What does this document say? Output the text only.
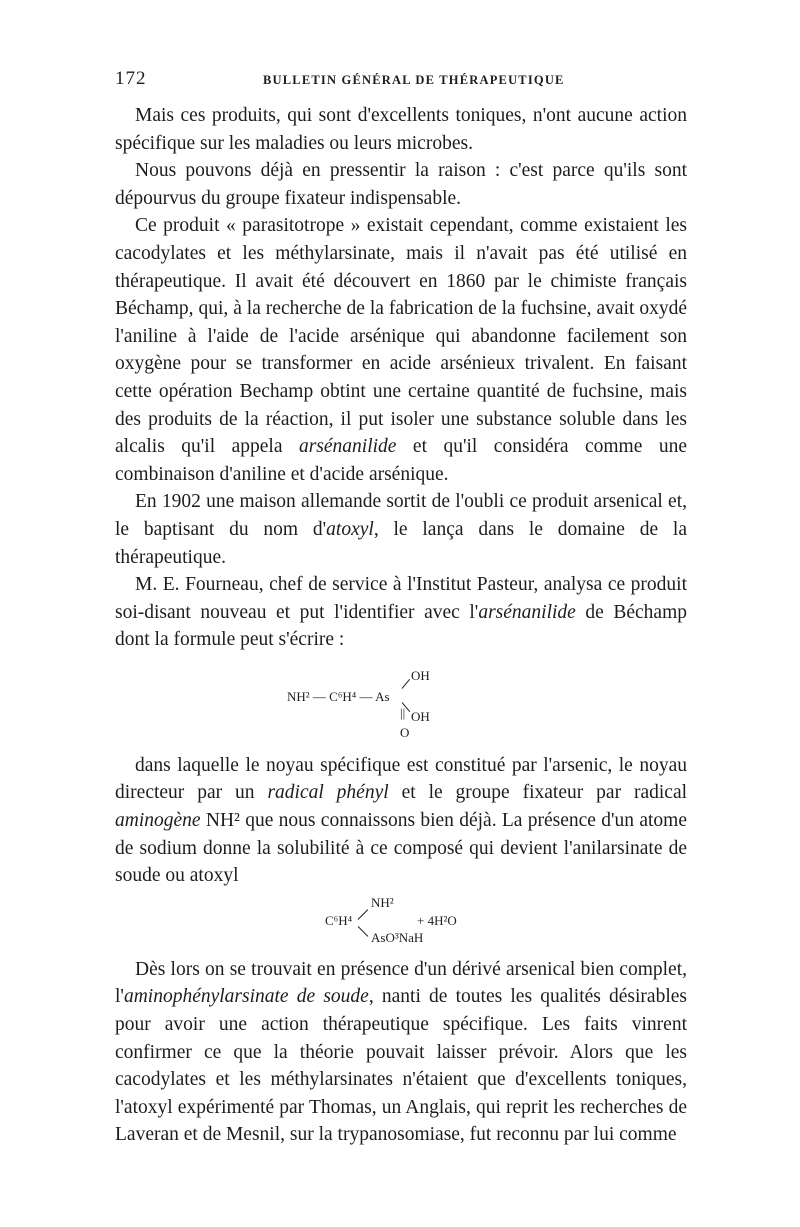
172	BULLETIN GÉNÉRAL DE THÉRAPEUTIQUE

Mais ces produits, qui sont d'excellents toniques, n'ont aucune action spécifique sur les maladies ou leurs microbes.

Nous pouvons déjà en pressentir la raison : c'est parce qu'ils sont dépourvus du groupe fixateur indispensable.

Ce produit « parasitotrope » existait cependant, comme existaient les cacodylates et les méthylarsinate, mais il n'avait pas été utilisé en thérapeutique. Il avait été découvert en 1860 par le chimiste français Béchamp, qui, à la recherche de la fabrication de la fuchsine, avait oxydé l'aniline à l'aide de l'acide arsénique qui abandonne facilement son oxygène pour se transformer en acide arsénieux trivalent. En faisant cette opération Bechamp obtint une certaine quantité de fuchsine, mais des produits de la réaction, il put isoler une substance soluble dans les alcalis qu'il appela arsénanilide et qu'il considéra comme une combinaison d'aniline et d'acide arsénique.

En 1902 une maison allemande sortit de l'oubli ce produit arsenical et, le baptisant du nom d'atoxyl, le lança dans le domaine de la thérapeutique.

M. E. Fourneau, chef de service à l'Institut Pasteur, analysa ce produit soi-disant nouveau et put l'identifier avec l'arsénanilide de Béchamp dont la formule peut s'écrire :

NH² — C⁶H⁴ — As
OH
OH
||
O

dans laquelle le noyau spécifique est constitué par l'arsenic, le noyau directeur par un radical phényl et le groupe fixateur par radical aminogène NH² que nous connaissons bien déjà. La présence d'un atome de sodium donne la solubilité à ce composé qui devient l'anilarsinate de soude ou atoxyl

C⁶H⁴
NH²
AsO³NaH
+ 4H²O

Dès lors on se trouvait en présence d'un dérivé arsenical bien complet, l'aminophénylarsinate de soude, nanti de toutes les qualités désirables pour avoir une action thérapeutique spécifique. Les faits vinrent confirmer ce que la théorie pouvait laisser prévoir. Alors que les cacodylates et les méthylarsinates n'étaient que d'excellents toniques, l'atoxyl expérimenté par Thomas, un Anglais, qui reprit les recherches de Laveran et de Mesnil, sur la trypanosomiase, fut reconnu par lui comme
